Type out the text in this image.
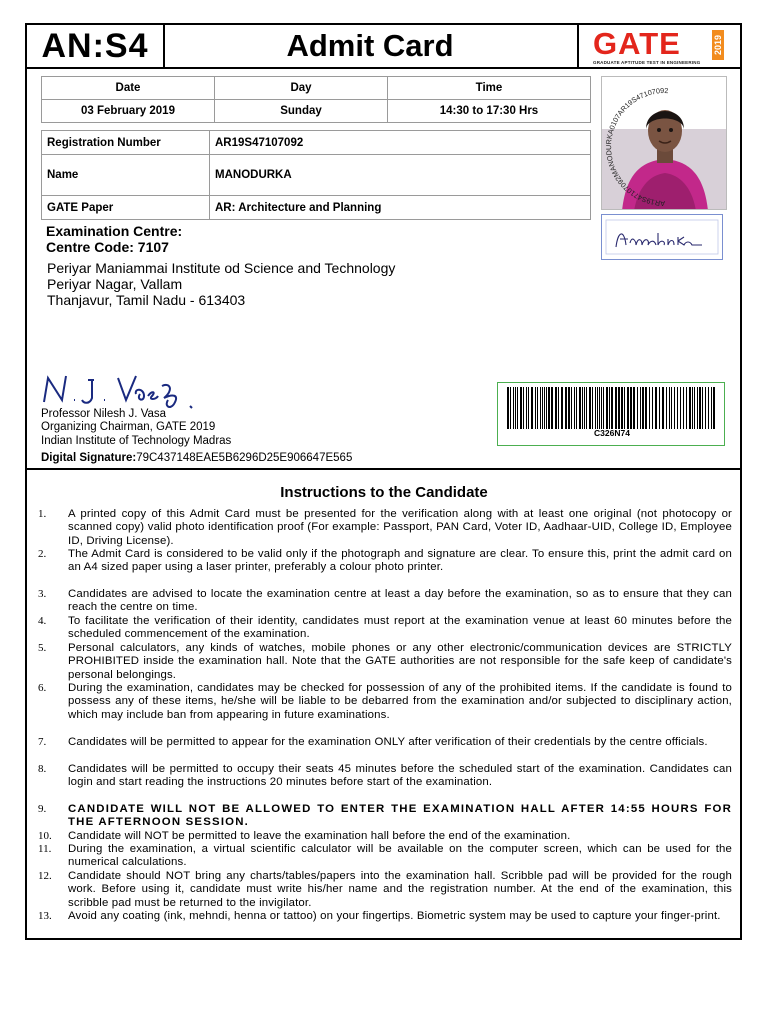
AN:S4	Admit Card	GATE	2019
GRADUATE APTITUDE TEST IN ENGINEERING
Date	Day	Time
03 February 2019	Sunday	14:30 to 17:30 Hrs
Registration Number	AR19S47107092
Name	MANODURKA
GATE Paper	AR: Architecture and Planning	AR19S47107092MANODURKA0107AR19S47107092
Examination Centre:
Centre Code: 7107
Periyar Maniammai Institute od Science and Technology
Periyar Nagar, Vallam
Thanjavur, Tamil Nadu - 613403
Professor Nilesh J. Vasa
Organizing Chairman, GATE 2019
Indian Institute of Technology Madras
Digital Signature:79C437148EAE5B6296D25E906647E565
C326N74
Instructions to the Candidate
1. A printed copy of this Admit Card must be presented for the verification along with at least one original (not photocopy or scanned copy) valid photo identification proof (For example: Passport, PAN Card, Voter ID, Aadhaar-UID, College ID, Employee ID, Driving License).
2. The Admit Card is considered to be valid only if the photograph and signature are clear. To ensure this, print the admit card on an A4 sized paper using a laser printer, preferably a colour photo printer.
3. Candidates are advised to locate the examination centre at least a day before the examination, so as to ensure that they can reach the centre on time.
4. To facilitate the verification of their identity, candidates must report at the examination venue at least 60 minutes before the scheduled commencement of the examination.
5. Personal calculators, any kinds of watches, mobile phones or any other electronic/communication devices are STRICTLY PROHIBITED inside the examination hall. Note that the GATE authorities are not responsible for the safe keep of candidate's personal belongings.
6. During the examination, candidates may be checked for possession of any of the prohibited items. If the candidate is found to possess any of these items, he/she will be liable to be debarred from the examination and/or subjected to disciplinary action, which may include ban from appearing in future examinations.
7. Candidates will be permitted to appear for the examination ONLY after verification of their credentials by the centre officials.
8. Candidates will be permitted to occupy their seats 45 minutes before the scheduled start of the examination. Candidates can login and start reading the instructions 20 minutes before start of the examination.
9. CANDIDATE WILL NOT BE ALLOWED TO ENTER THE EXAMINATION HALL AFTER 14:55 HOURS FOR THE AFTERNOON SESSION.
10. Candidate will NOT be permitted to leave the examination hall before the end of the examination.
11. During the examination, a virtual scientific calculator will be available on the computer screen, which can be used for the numerical calculations.
12. Candidate should NOT bring any charts/tables/papers into the examination hall. Scribble pad will be provided for the rough work. Before using it, candidate must write his/her name and the registration number. At the end of the examination, this scribble pad must be returned to the invigilator.
13. Avoid any coating (ink, mehndi, henna or tattoo) on your fingertips. Biometric system may be used to capture your finger-print.
